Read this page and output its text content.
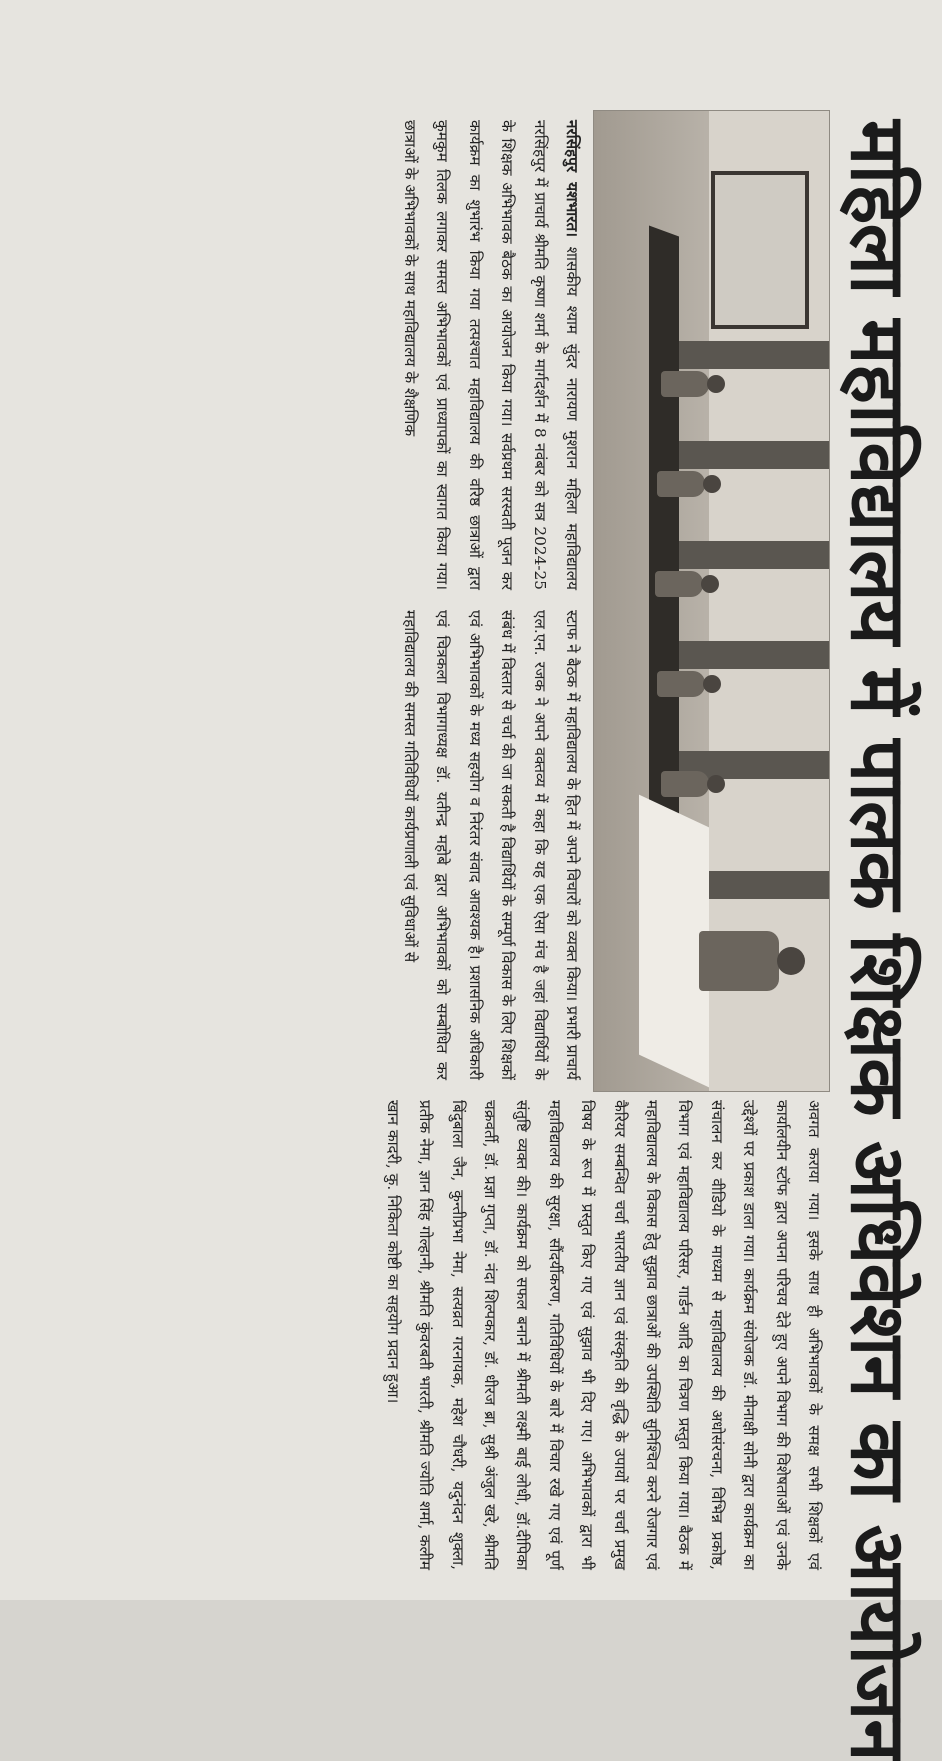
महिला महाविद्यालय में पालक शिक्षक अधिवेशन का आयोजन

नरसिंहपुर यशभारत। शासकीय श्याम सुंदर नारायण मुशरान महिला महाविद्यालय नरसिंहपुर में प्राचार्य श्रीमति कृष्णा शर्मा के मार्गदर्शन में 8 नवंबर को सत्र 2024-25 के शिक्षक अभिभावक बैठक का आयोजन किया गया। सर्वप्रथम सरस्वती पूजन कर कार्यक्रम का शुभारंभ किया गया तत्पश्चात महाविद्यालय की वरिष्ठ छात्राओं द्वारा कुमकुम तिलक लगाकर समस्त अभिभावकों एवं प्राध्यापकों का स्वागत किया गया। छात्राओं के अभिभावकों के साथ महाविद्यालय के शैक्षणिक

स्टाफ ने बैठक में महाविद्यालय के हित में अपने विचारों को व्यक्त किया। प्रभारी प्राचार्य एल.एन. रजक ने अपने वक्तव्य में कहा कि यह एक ऐसा मंच है जहां विद्यार्थियों के संबंध में विस्तार से चर्चा की जा सकती है विद्यार्थियों के सम्पूर्ण विकास के लिए शिक्षकों एवं अभिभावकों के मध्य सहयोग व निरंतर संवाद आवश्यक है। प्रशासनिक अधिकारी एवं चित्रकला विभागाध्यक्ष डॉ. यतीन्द्र महोबे द्वारा अभिभावकों को सम्बोधित कर महाविद्यालय की समस्त गतिविधियों कार्यप्रणाली एवं सुविधाओं से

अवगत कराया गया। इसके साथ ही अभिभावकों के समक्ष सभी शिक्षकों एवं कार्यालयीन स्टॉफ द्वारा अपना परिचय देते हुए अपने विभाग की विशेषताओं एवं उनके उद्देश्यों पर प्रकाश डाला गया। कार्यक्रम संयोजक डॉ. मीनाक्षी सोनी द्वारा कार्यक्रम का संचालन कर वीडियो के माध्यम से महाविद्यालय की अधोसंरचना, विभिन्न प्रकोष्ठ, विभाग एवं महाविद्यालय परिसर, गार्डन आदि का चित्रण प्रस्तुत किया गया। बैठक में महाविद्यालय के विकास हेतु सुझाव छात्राओं की उपस्थिति सुनिश्चित करने रोजगार एवं कैरियर सम्बन्धित चर्चा भारतीय ज्ञान एवं संस्कृति की वृद्धि के उपायों पर चर्चा प्रमुख विषय के रूप में प्रस्तुत किए गए एवं सुझाव भी दिए गए। अभिभावकों द्वारा भी महाविद्यालय की सुरक्षा, सौंदर्यीकरण, गतिविधियों के बारे में विचार रखे गए एवं पूर्ण संतुष्टि व्यक्त की। कार्यक्रम को सफल बनाने में श्रीमती लक्ष्मी बाई लोधी, डॉ.दीपिका चक्रवर्ती, डॉ. प्रज्ञा गुप्ता, डॉ. नंदा शिल्पकार, डॉ. धीरज ब्रा, सुश्री अंजुल खरे, श्रीमति बिंदुबाला जैन, कुन्तीप्रभा नेमा, सत्यव्रत गरनायक, महेश चौधरी, यदुनंदन शुक्ला, प्रतीक नेमा, ज्ञान सिंह गोल्हानी, श्रीमति कुंवरबती भारती, श्रीमति ज्योति शर्मा, कलीम खान कादरी, कु. निकिता कोष्टी का सहयोग प्रदान हुआ।
